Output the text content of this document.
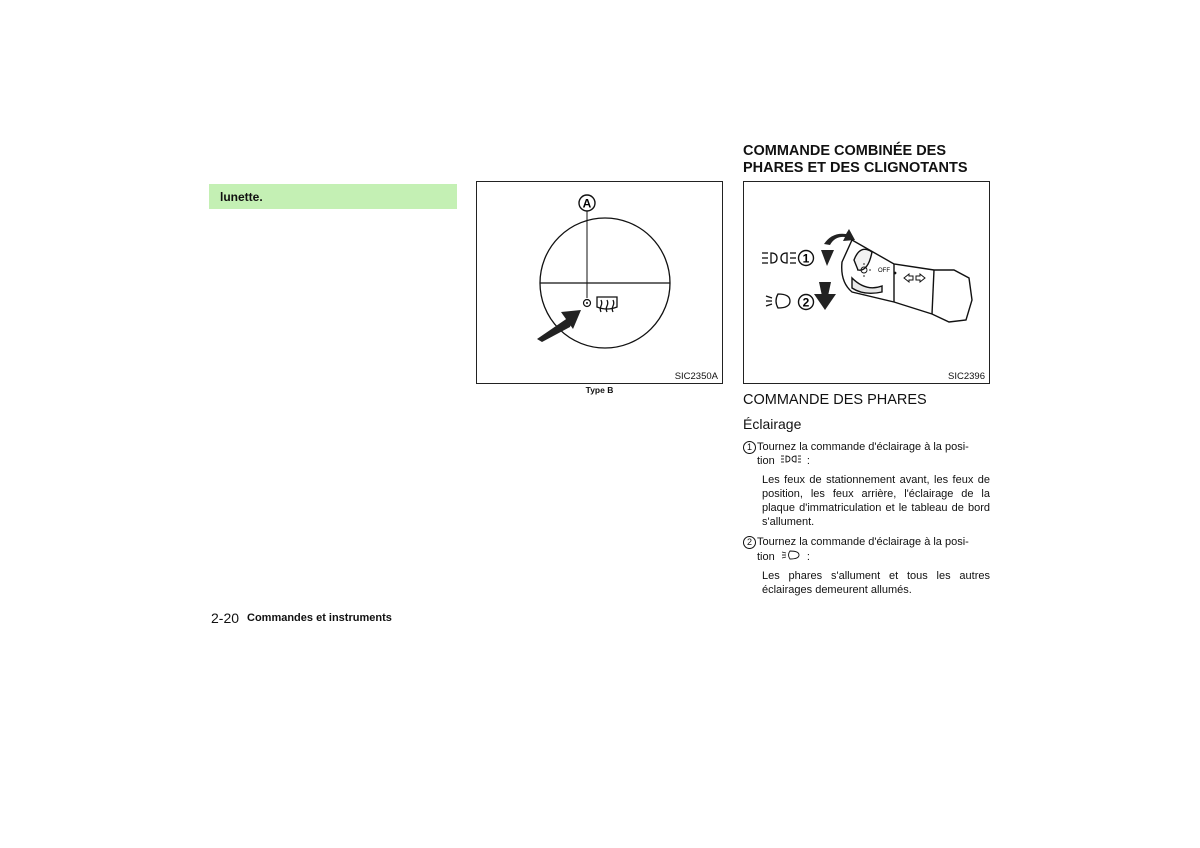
lunette.	A
SIC2350A
Type B
COMMANDE COMBINÉE DES
PHARES ET DES CLIGNOTANTS
1
2
OFF
SIC2396
COMMANDE DES PHARES
Éclairage
1 Tournez la commande d'éclairage à la posi-
tion	:
Les feux de stationnement avant, les feux de position, les feux arrière, l'éclairage de la plaque d'immatriculation et le tableau de bord s'allument.
2 Tournez la commande d'éclairage à la posi-
tion	:
Les phares s'allument et tous les autres éclairages demeurent allumés.
2-20 Commandes et instruments
